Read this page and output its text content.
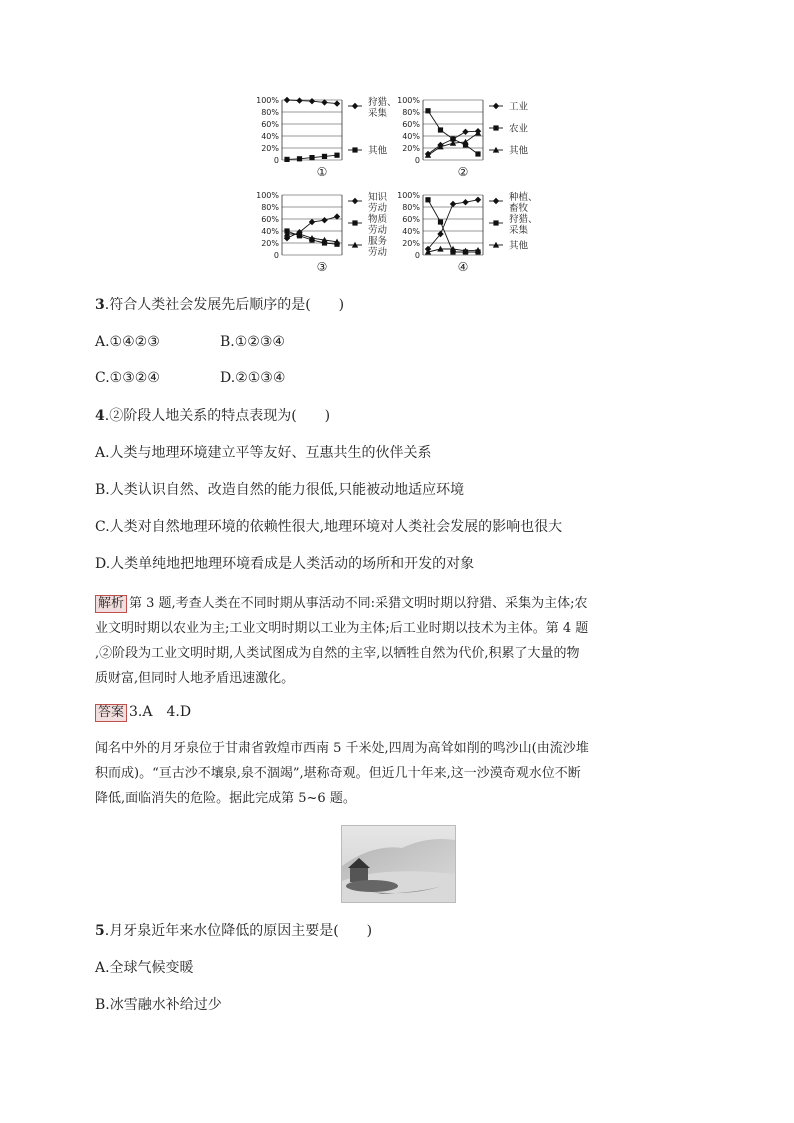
100%
80%
60%
40%
20%
0
狩猎、
采集
其他
①
100%
80%
60%
40%
20%
0
工业
农业
其他
②
100%
80%
60%
40%
20%
0
知识
劳动
物质
劳动
服务
劳动
③
100%
80%
60%
40%
20%
0
种植、
畜牧
狩猎、
采集
其他
④
3.符合人类社会发展先后顺序的是(　　)
A.①④②③	B.①②③④
C.①③②④	D.②①③④
4.②阶段人地关系的特点表现为(　　)
A.人类与地理环境建立平等友好、互惠共生的伙伴关系
B.人类认识自然、改造自然的能力很低,只能被动地适应环境
C.人类对自然地理环境的依赖性很大,地理环境对人类社会发展的影响也很大
D.人类单纯地把地理环境看成是人类活动的场所和开发的对象
解析 第 3 题,考查人类在不同时期从事活动不同:采猎文明时期以狩猎、采集为主体;农
业文明时期以农业为主;工业文明时期以工业为主体;后工业时期以技术为主体。第 4 题
,②阶段为工业文明时期,人类试图成为自然的主宰,以牺牲自然为代价,积累了大量的物
质财富,但同时人地矛盾迅速激化。
答案 3.A　4.D
闻名中外的月牙泉位于甘肃省敦煌市西南 5 千米处,四周为高耸如削的鸣沙山(由流沙堆
积而成)。“亘古沙不壤泉,泉不涸竭”,堪称奇观。但近几十年来,这一沙漠奇观水位不断
降低,面临消失的危险。据此完成第 5~6 题。
5.月牙泉近年来水位降低的原因主要是(　　)
A.全球气候变暖
B.冰雪融水补给过少
